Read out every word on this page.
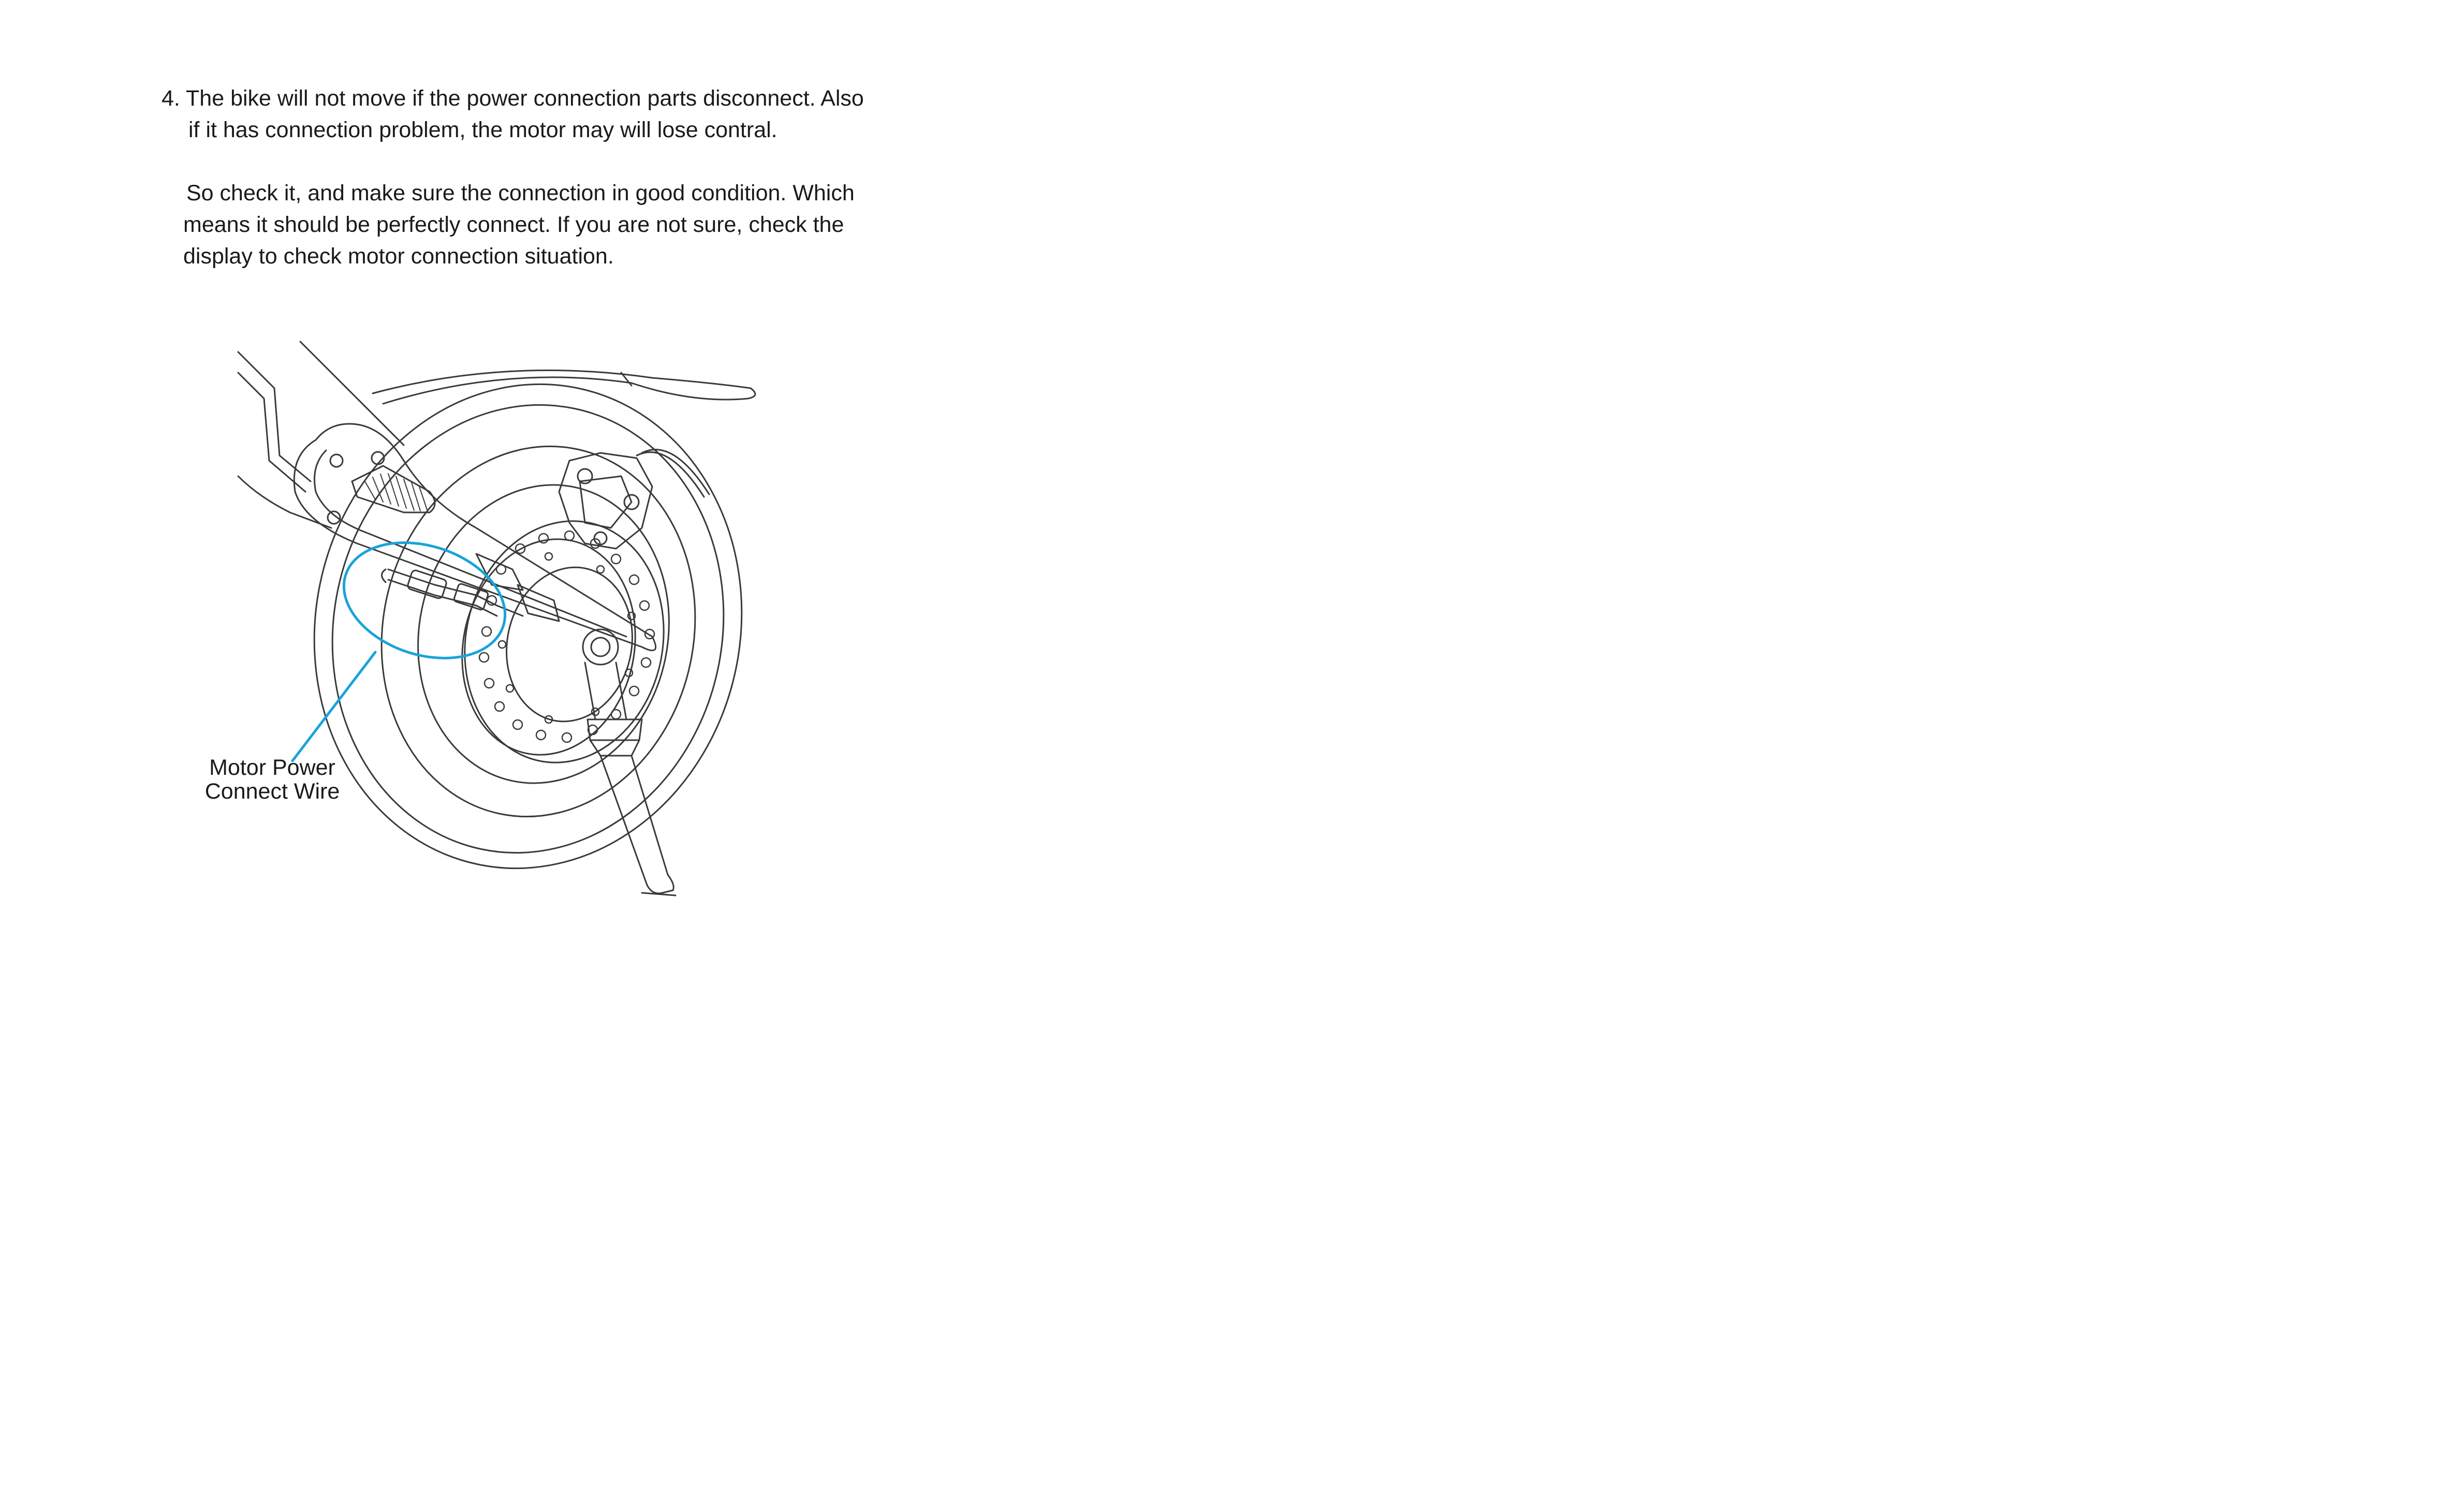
4. The bike will not move if the power connection parts disconnect. Also
if it has connection problem, the motor may will lose contral.
So check it, and make sure the connection in good condition. Which
means it should be perfectly connect. If you are not sure, check the
display to check motor connection situation.
Motor Power
Connect Wire
